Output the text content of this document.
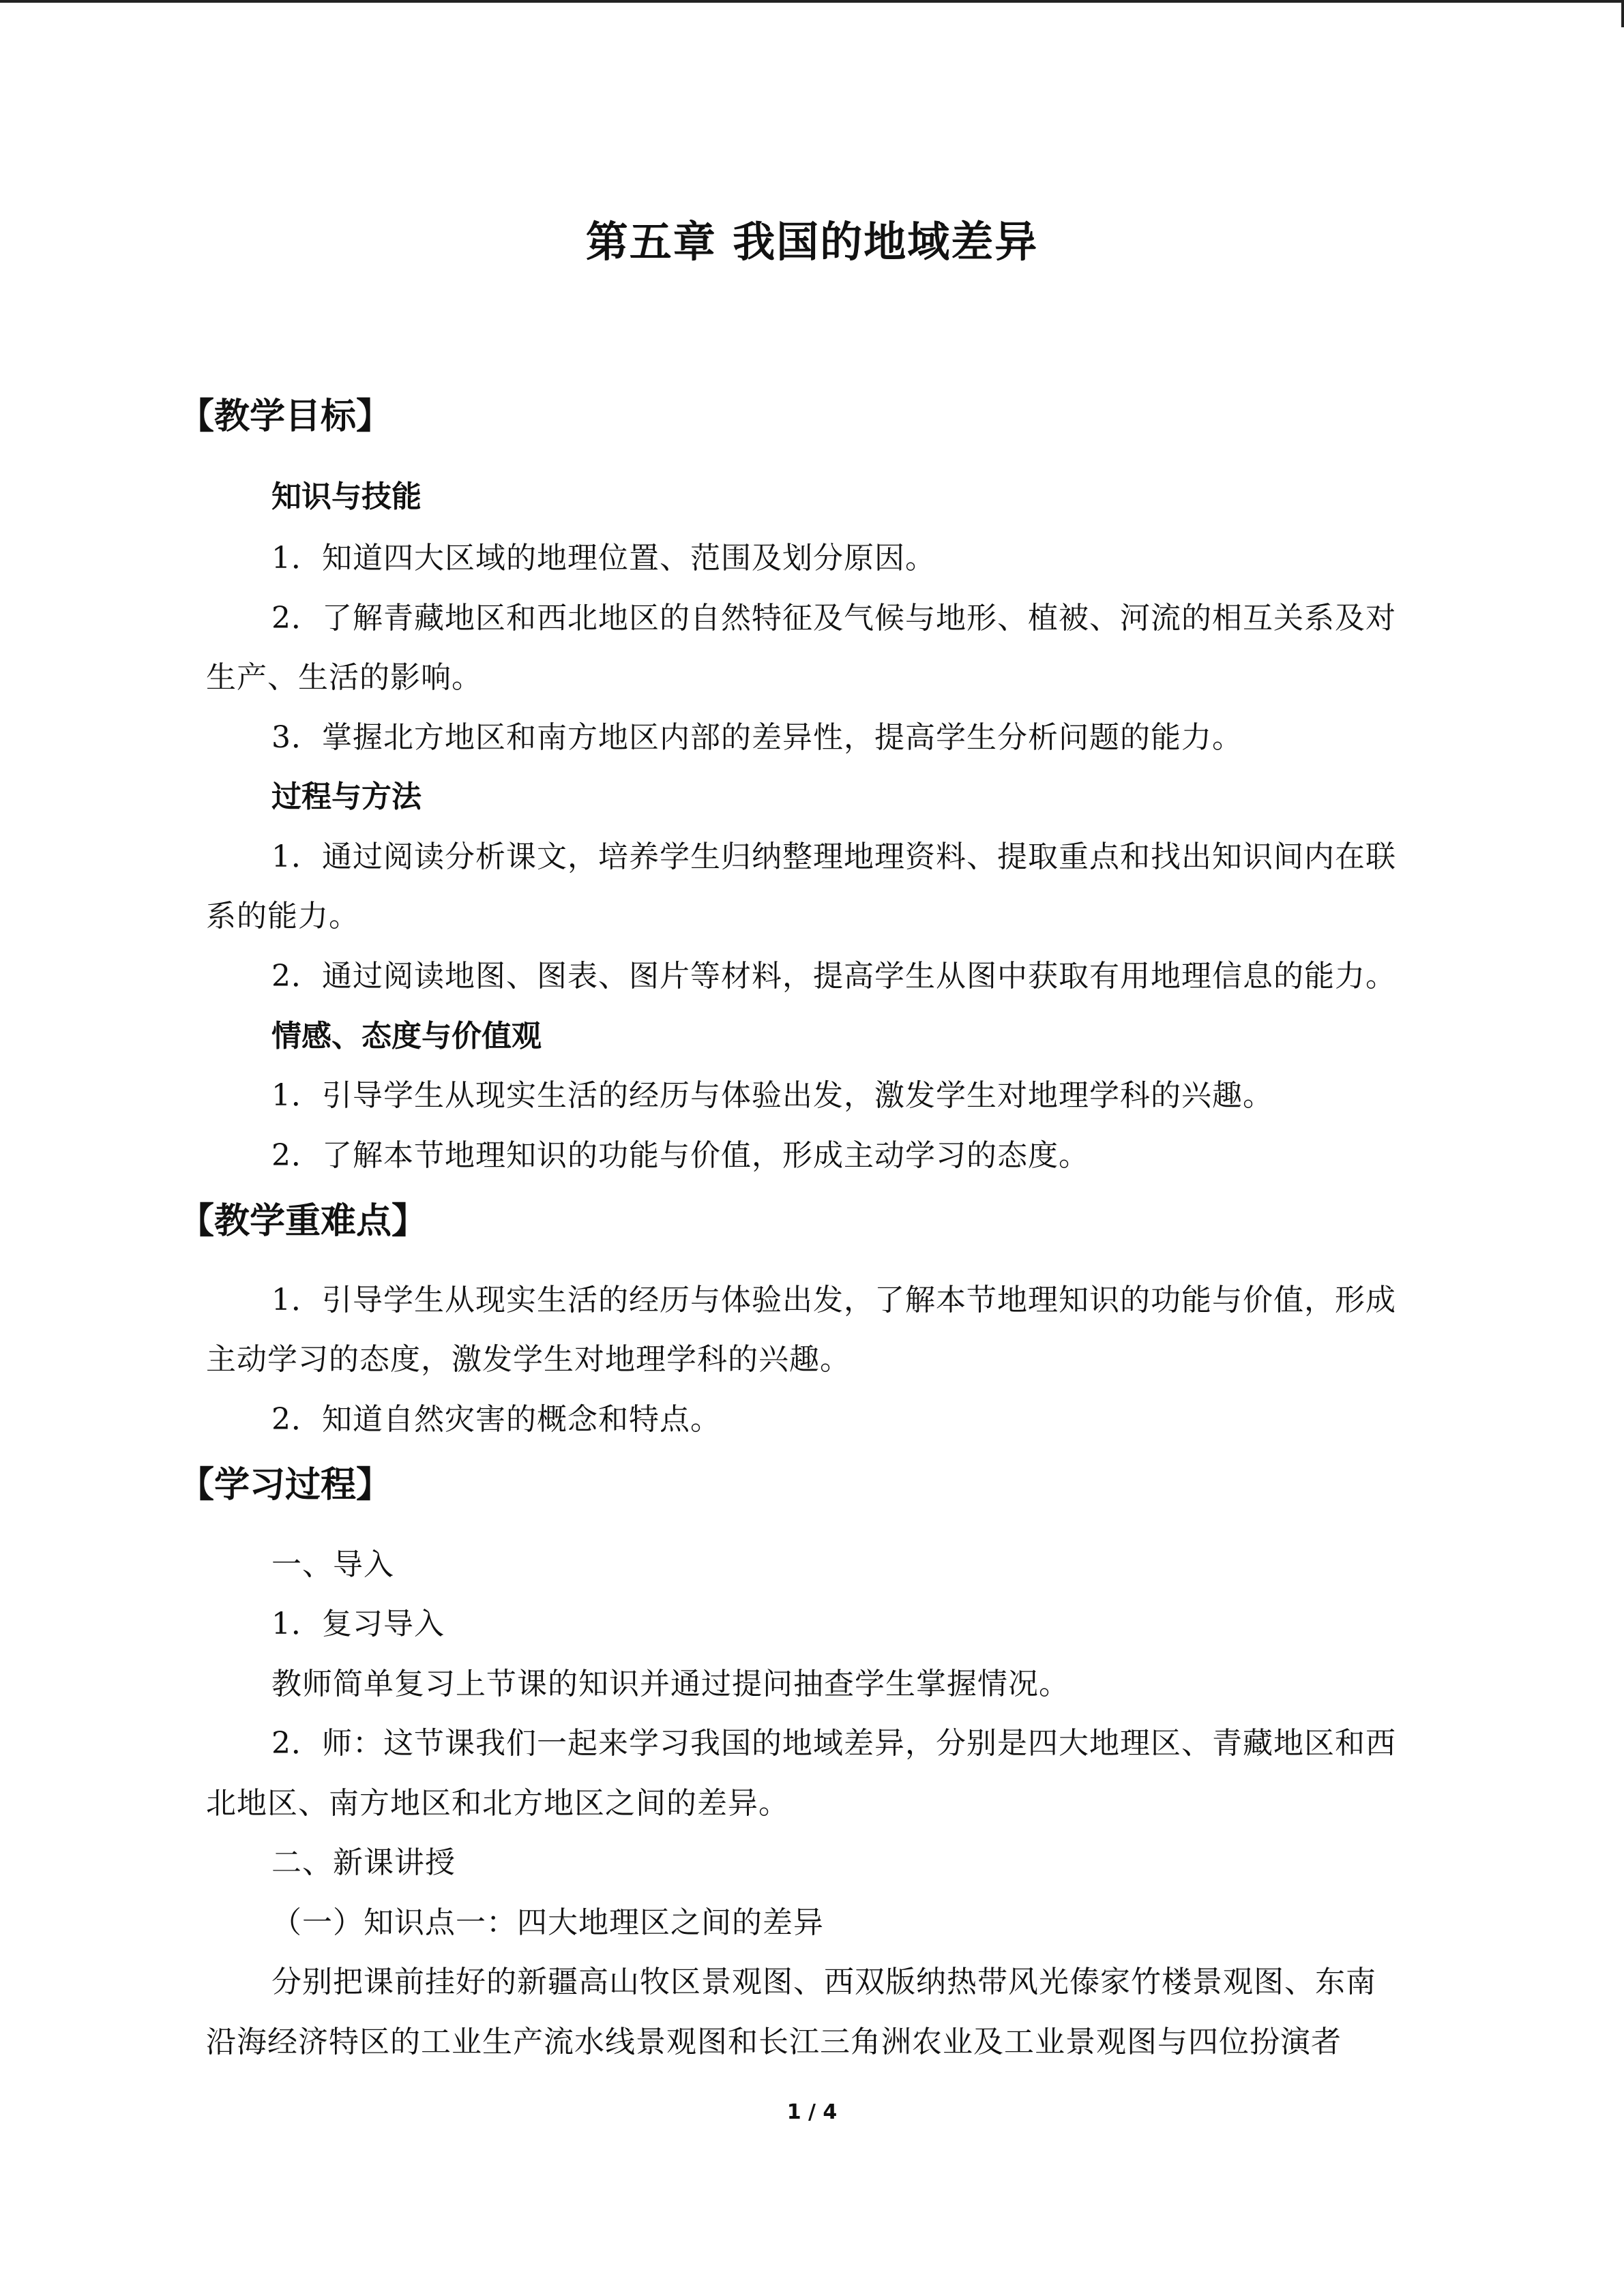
第五章 我国的地域差异
【教学目标】
知识与技能
1．知道四大区域的地理位置、范围及划分原因。
2．了解青藏地区和西北地区的自然特征及气候与地形、植被、河流的相互关系及对
生产、生活的影响。
3．掌握北方地区和南方地区内部的差异性，提高学生分析问题的能力。
过程与方法
1．通过阅读分析课文，培养学生归纳整理地理资料、提取重点和找出知识间内在联
系的能力。
2．通过阅读地图、图表、图片等材料，提高学生从图中获取有用地理信息的能力。
情感、态度与价值观
1．引导学生从现实生活的经历与体验出发，激发学生对地理学科的兴趣。
2．了解本节地理知识的功能与价值，形成主动学习的态度。
【教学重难点】
1．引导学生从现实生活的经历与体验出发，了解本节地理知识的功能与价值，形成
主动学习的态度，激发学生对地理学科的兴趣。
2．知道自然灾害的概念和特点。
【学习过程】
一、导入
1．复习导入
教师简单复习上节课的知识并通过提问抽查学生掌握情况。
2．师：这节课我们一起来学习我国的地域差异，分别是四大地理区、青藏地区和西
北地区、南方地区和北方地区之间的差异。
二、新课讲授
（一）知识点一：四大地理区之间的差异
分别把课前挂好的新疆高山牧区景观图、西双版纳热带风光傣家竹楼景观图、东南
沿海经济特区的工业生产流水线景观图和长江三角洲农业及工业景观图与四位扮演者
1 / 4
